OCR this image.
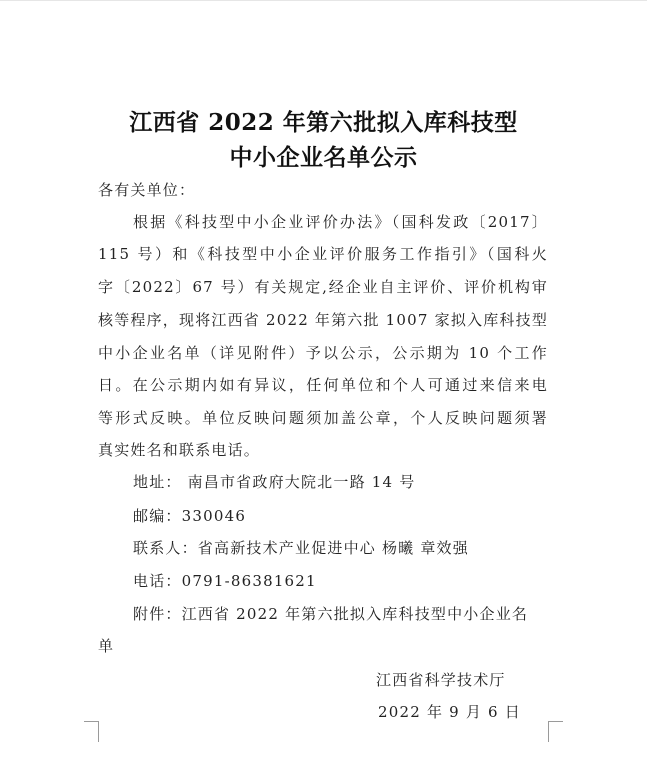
江西省 2022 年第六批拟入库科技型
中小企业名单公示
各有关单位：
根据《科技型中小企业评价办法》（国科发政〔2017〕
115 号）和《科技型中小企业评价服务工作指引》（国科火
字〔2022〕67 号）有关规定,经企业自主评价、评价机构审
核等程序，现将江西省 2022 年第六批 1007 家拟入库科技型
中小企业名单（详见附件）予以公示，公示期为 10 个工作
日。在公示期内如有异议，任何单位和个人可通过来信来电
等形式反映。单位反映问题须加盖公章，个人反映问题须署
真实姓名和联系电话。
地址： 南昌市省政府大院北一路 14 号
邮编：330046
联系人：省高新技术产业促进中心 杨曦 章效强
电话：0791-86381621
附件：江西省 2022 年第六批拟入库科技型中小企业名
单
江西省科学技术厅
2022 年 9 月 6 日
